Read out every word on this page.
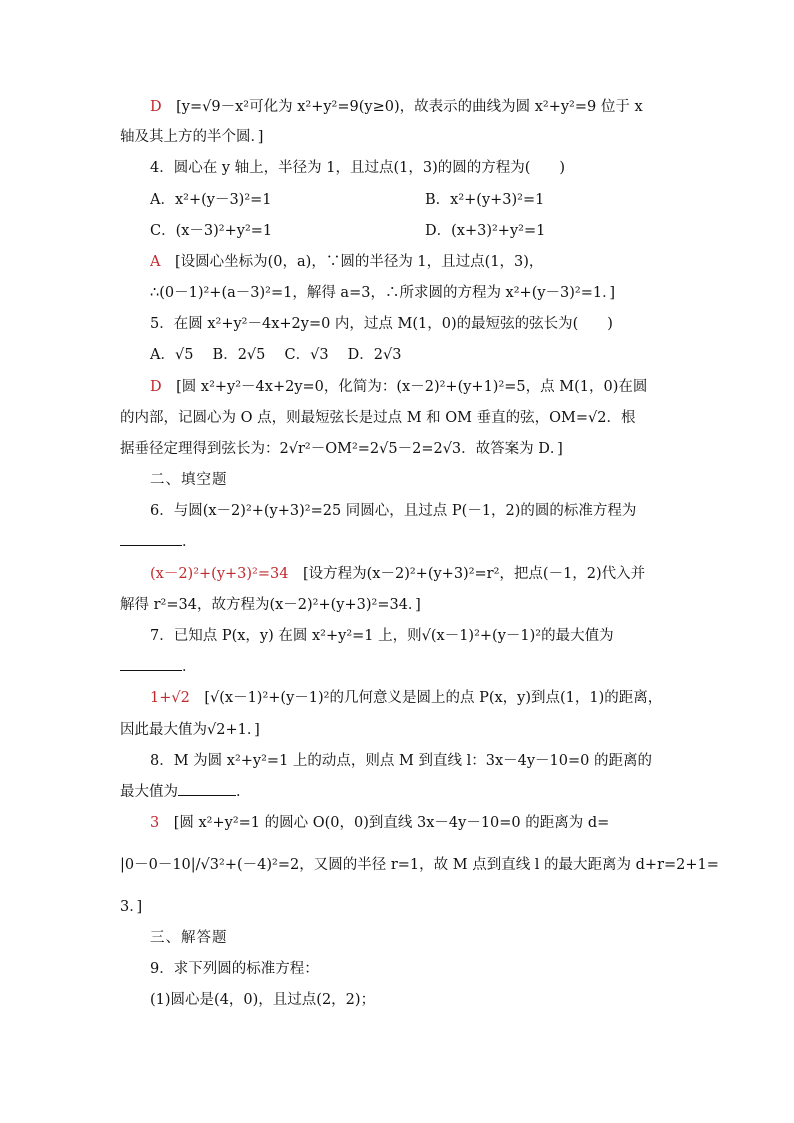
D　[y=√9－x²可化为 x²+y²=9(y≥0)，故表示的曲线为圆 x²+y²=9 位于 x
轴及其上方的半个圆．]
4．圆心在 y 轴上，半径为 1，且过点(1，3)的圆的方程为(　　)
A．x²+(y－3)²=1	B．x²+(y+3)²=1
C．(x－3)²+y²=1	D．(x+3)²+y²=1
A　 [设圆心坐标为(0，a)，∵圆的半径为 1，且过点(1，3)，
∴(0－1)²+(a－3)²=1，解得 a=3，∴所求圆的方程为 x²+(y－3)²=1．]
5．在圆 x²+y²－4x+2y=0 内，过点 M(1，0)的最短弦的弦长为(　　)
A．√5　 B．2√5　 C．√3　 D．2√3
D　 [圆 x²+y²－4x+2y=0，化简为：(x－2)²+(y+1)²=5，点 M(1，0)在圆
的内部，记圆心为 O 点，则最短弦长是过点 M 和 OM 垂直的弦，OM=√2．根
据垂径定理得到弦长为：2√r²－OM²=2√5－2=2√3．故答案为 D．]
二、填空题
6．与圆(x－2)²+(y+3)²=25 同圆心，且过点 P(－1，2)的圆的标准方程为
．
(x－2)²+(y+3)²=34　[设方程为(x－2)²+(y+3)²=r²，把点(－1，2)代入并
解得 r²=34，故方程为(x－2)²+(y+3)²=34．]
7．已知点 P(x，y) 在圆 x²+y²=1 上，则√(x－1)²+(y－1)²的最大值为
．
1+√2　[√(x－1)²+(y－1)²的几何意义是圆上的点 P(x，y)到点(1，1)的距离，
因此最大值为√2+1．]
8．M 为圆 x²+y²=1 上的动点，则点 M 到直线 l：3x－4y－10=0 的距离的
最大值为	．
3　[圆 x²+y²=1 的圆心 O(0，0)到直线 3x－4y－10=0 的距离为 d=
|0－0－10|/√3²+(－4)²=2，又圆的半径 r=1，故 M 点到直线 l 的最大距离为 d+r=2+1=
3．]
三、解答题
9．求下列圆的标准方程：
(1)圆心是(4，0)，且过点(2，2)；
